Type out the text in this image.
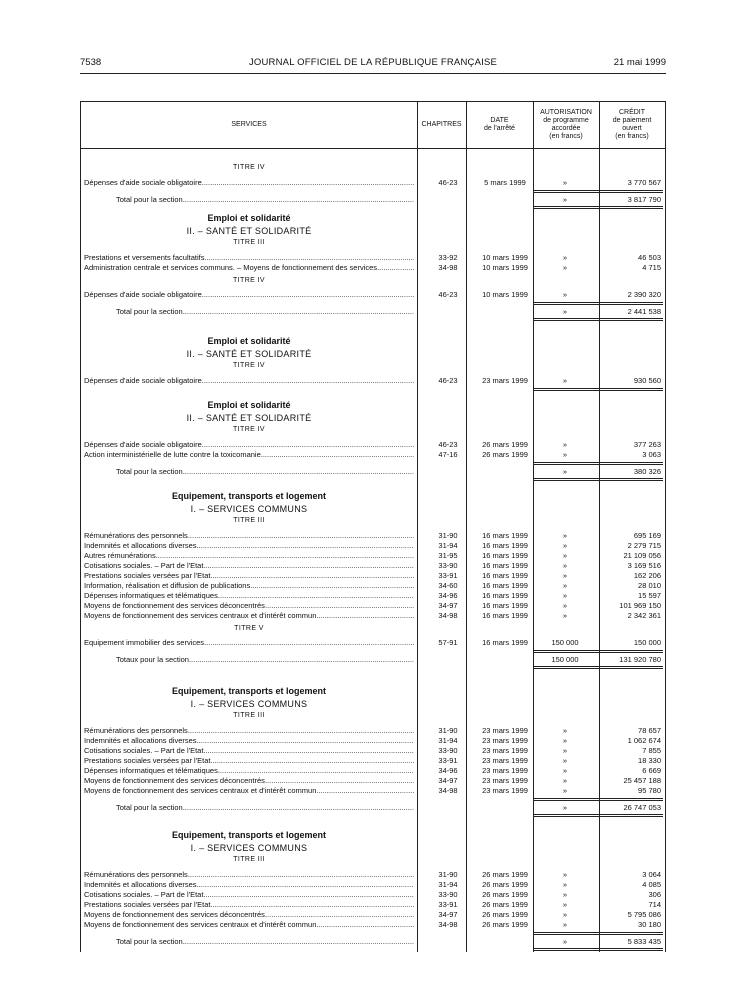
7538	JOURNAL OFFICIEL DE LA RÉPUBLIQUE FRANÇAISE	21 mai 1999
SERVICES	CHAPITRES
DATE
de l'arrêté
AUTORISATION
de programme
accordée
(en francs)
CRÉDIT
de paiement
ouvert
(en francs)
TITRE IV
Dépenses d'aide sociale obligatoire .....	46-23	5 mars 1999	»	3 770 567
Total pour la section .....	»	3 817 790
Emploi et solidarité
II. – SANTÉ ET SOLIDARITÉ
TITRE III
Prestations et versements facultatifs .....	33-92	10 mars 1999	»	46 503
Administration centrale et services communs. – Moyens de fonctionnement des services .....	34-98	10 mars 1999	»	4 715
TITRE IV
Dépenses d'aide sociale obligatoire .....	46-23	10 mars 1999	»	2 390 320
Total pour la section .....	»	2 441 538
Emploi et solidarité
II. – SANTÉ ET SOLIDARITÉ
TITRE IV
Dépenses d'aide sociale obligatoire .....	46-23	23 mars 1999	»	930 560
Emploi et solidarité
II. – SANTÉ ET SOLIDARITÉ
TITRE IV
Dépenses d'aide sociale obligatoire .....	46-23	26 mars 1999	»	377 263
Action interministérielle de lutte contre la toxicomanie .....	47-16	26 mars 1999	»	3 063
Total pour la section .....	»	380 326
Equipement, transports et logement
I. – SERVICES COMMUNS
TITRE III
Rémunérations des personnels .....	31-90	16 mars 1999	»	695 169
Indemnités et allocations diverses .....	31-94	16 mars 1999	»	2 279 715
Autres rémunérations .....	31-95	16 mars 1999	»	21 109 056
Cotisations sociales. – Part de l'Etat .....	33-90	16 mars 1999	»	3 169 516
Prestations sociales versées par l'Etat .....	33-91	16 mars 1999	»	162 206
Information, réalisation et diffusion de publications .....	34-60	16 mars 1999	»	28 010
Dépenses informatiques et télématiques .....	34-96	16 mars 1999	»	15 597
Moyens de fonctionnement des services déconcentrés .....	34-97	16 mars 1999	»	101 969 150
Moyens de fonctionnement des services centraux et d'intérêt commun .....	34-98	16 mars 1999	»	2 342 361
TITRE V
Equipement immobilier des services .....	57-91	16 mars 1999	150 000	150 000
Totaux pour la section .....	150 000	131 920 780
Equipement, transports et logement
I. – SERVICES COMMUNS
TITRE III
Rémunérations des personnels .....	31-90	23 mars 1999	»	78 657
Indemnités et allocations diverses .....	31-94	23 mars 1999	»	1 062 674
Cotisations sociales. – Part de l'Etat .....	33-90	23 mars 1999	»	7 855
Prestations sociales versées par l'Etat .....	33-91	23 mars 1999	»	18 330
Dépenses informatiques et télématiques .....	34-96	23 mars 1999	»	6 669
Moyens de fonctionnement des services déconcentrés .....	34-97	23 mars 1999	»	25 457 188
Moyens de fonctionnement des services centraux et d'intérêt commun .....	34-98	23 mars 1999	»	95 780
Total pour la section .....	»	26 747 053
Equipement, transports et logement
I. – SERVICES COMMUNS
TITRE III
Rémunérations des personnels .....	31-90	26 mars 1999	»	3 064
Indemnités et allocations diverses .....	31-94	26 mars 1999	»	4 085
Cotisations sociales. – Part de l'Etat .....	33-90	26 mars 1999	»	306
Prestations sociales versées par l'Etat .....	33-91	26 mars 1999	»	714
Moyens de fonctionnement des services déconcentrés .....	34-97	26 mars 1999	»	5 795 086
Moyens de fonctionnement des services centraux et d'intérêt commun .....	34-98	26 mars 1999	»	30 180
Total pour la section .....	»	5 833 435
